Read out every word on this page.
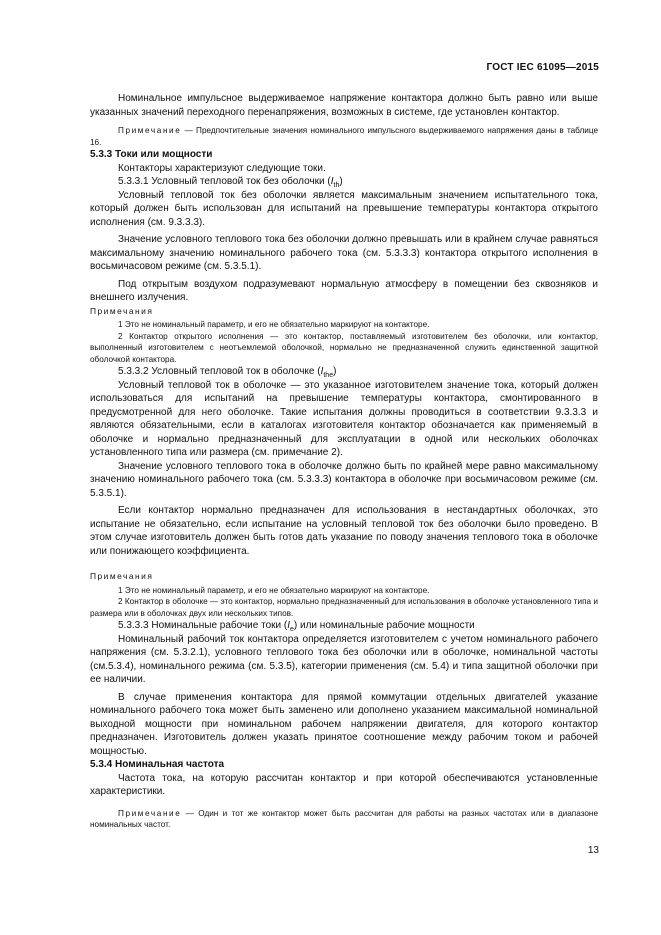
ГОСТ IEC 61095—2015

Номинальное импульсное выдерживаемое напряжение контактора должно быть равно или выше указанных значений переходного перенапряжения, возможных в системе, где установлен контактор.

Примечание — Предпочтительные значения номинального импульсного выдерживаемого напряжения даны в таблице 16.

5.3.3 Токи или мощности

Контакторы характеризуют следующие токи.

5.3.3.1 Условный тепловой ток без оболочки $(I_{th})$

Условный тепловой ток без оболочки является максимальным значением испытательного тока, который должен быть использован для испытаний на превышение температуры контактора открытого исполнения (см. 9.3.3.3).

Значение условного теплового тока без оболочки должно превышать или в крайнем случае равняться максимальному значению номинального рабочего тока (см. 5.3.3.3) контактора открытого исполнения в восьмичасовом режиме (см. 5.3.5.1).

Под открытым воздухом подразумевают нормальную атмосферу в помещении без сквозняков и внешнего излучения.

Примечания

1 Это не номинальный параметр, и его не обязательно маркируют на контакторе.

2 Контактор открытого исполнения — это контактор, поставляемый изготовителем без оболочки, или контактор, выполненный изготовителем с неотъемлемой оболочкой, нормально не предназначенной служить единственной защитной оболочкой контактора.

5.3.3.2 Условный тепловой ток в оболочке $(I_{the})$

Условный тепловой ток в оболочке — это указанное изготовителем значение тока, который должен использоваться для испытаний на превышение температуры контактора, смонтированного в предусмотренной для него оболочке. Такие испытания должны проводиться в соответствии 9.3.3.3 и являются обязательными, если в каталогах изготовителя контактор обозначается как применяемый в оболочке и нормально предназначенный для эксплуатации в одной или нескольких оболочках установленного типа или размера (см. примечание 2).

Значение условного теплового тока в оболочке должно быть по крайней мере равно максимальному значению номинального рабочего тока (см. 5.3.3.3) контактора в оболочке при восьмичасовом режиме (см. 5.3.5.1).

Если контактор нормально предназначен для использования в нестандартных оболочках, это испытание не обязательно, если испытание на условный тепловой ток без оболочки было проведено. В этом случае изготовитель должен быть готов дать указание по поводу значения теплового тока в оболочке или понижающего коэффициента.

Примечания

1 Это не номинальный параметр, и его не обязательно маркируют на контакторе.

2 Контактор в оболочке — это контактор, нормально предназначенный для использования в оболочке установленного типа и размера или в оболочках двух или нескольких типов.

5.3.3.3 Номинальные рабочие токи $(I_e)$ или номинальные рабочие мощности

Номинальный рабочий ток контактора определяется изготовителем с учетом номинального рабочего напряжения (см. 5.3.2.1), условного теплового тока без оболочки или в оболочке, номинальной частоты (см.5.3.4), номинального режима (см. 5.3.5), категории применения (см. 5.4) и типа защитной оболочки при ее наличии.

В случае применения контактора для прямой коммутации отдельных двигателей указание номинального рабочего тока может быть заменено или дополнено указанием максимальной номинальной выходной мощности при номинальном рабочем напряжении двигателя, для которого контактор предназначен. Изготовитель должен указать принятое соотношение между рабочим током и рабочей мощностью.

5.3.4 Номинальная частота

Частота тока, на которую рассчитан контактор и при которой обеспечиваются установленные характеристики.

Примечание — Один и тот же контактор может быть рассчитан для работы на разных частотах или в диапазоне номинальных частот.

13
